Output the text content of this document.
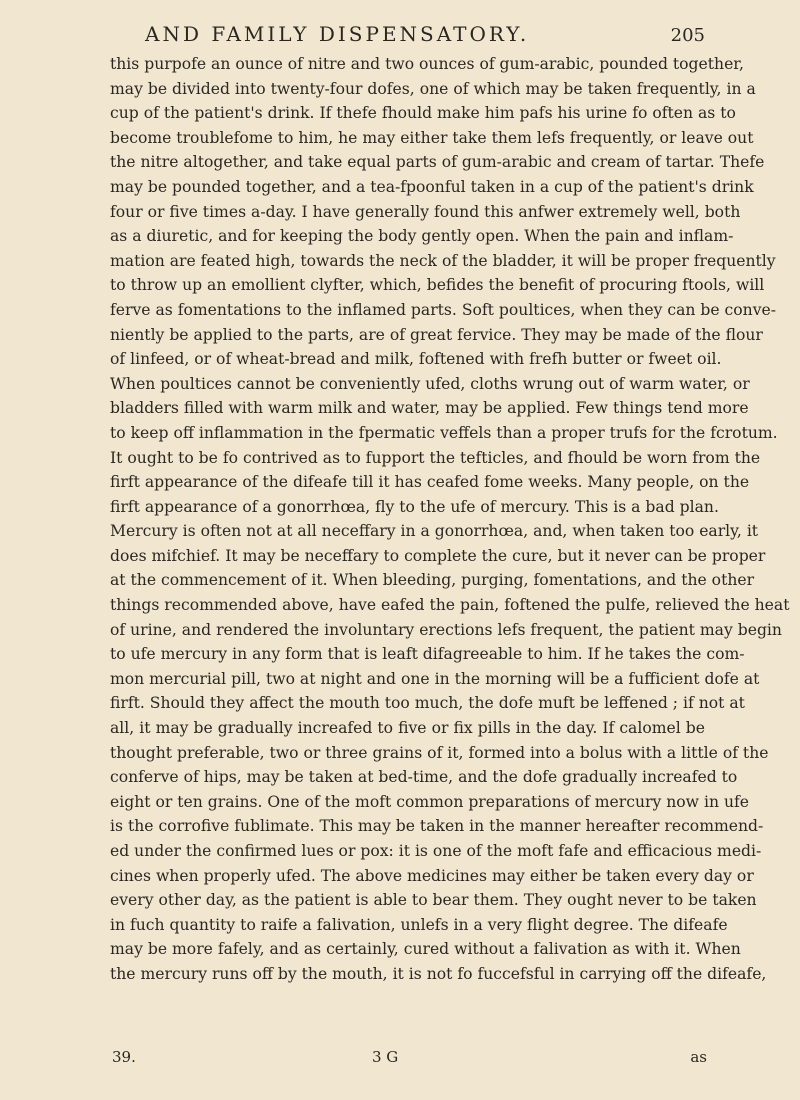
AND FAMILY DISPENSATORY.	205
this purpofe an ounce of nitre and two ounces of gum-arabic, pounded together,
may be divided into twenty-four dofes, one of which may be taken frequently, in a
cup of the patient's drink. If thefe fhould make him pafs his urine fo often as to
become troublefome to him, he may either take them lefs frequently, or leave out
the nitre altogether, and take equal parts of gum-arabic and cream of tartar. Thefe
may be pounded together, and a tea-fpoonful taken in a cup of the patient's drink
four or five times a-day. I have generally found this anfwer extremely well, both
as a diuretic, and for keeping the body gently open. When the pain and inflam-
mation are feated high, towards the neck of the bladder, it will be proper frequently
to throw up an emollient clyfter, which, befides the benefit of procuring ftools, will
ferve as fomentations to the inflamed parts. Soft poultices, when they can be conve-
niently be applied to the parts, are of great fervice. They may be made of the flour
of linfeed, or of wheat-bread and milk, foftened with frefh butter or fweet oil.
When poultices cannot be conveniently ufed, cloths wrung out of warm water, or
bladders filled with warm milk and water, may be applied. Few things tend more
to keep off inflammation in the fpermatic veffels than a proper trufs for the fcrotum.
It ought to be fo contrived as to fupport the tefticles, and fhould be worn from the
firft appearance of the difeafe till it has ceafed fome weeks. Many people, on the
firft appearance of a gonorrhœa, fly to the ufe of mercury. This is a bad plan.
Mercury is often not at all neceffary in a gonorrhœa, and, when taken too early, it
does mifchief. It may be neceffary to complete the cure, but it never can be proper
at the commencement of it. When bleeding, purging, fomentations, and the other
things recommended above, have eafed the pain, foftened the pulfe, relieved the heat
of urine, and rendered the involuntary erections lefs frequent, the patient may begin
to ufe mercury in any form that is leaft difagreeable to him. If he takes the com-
mon mercurial pill, two at night and one in the morning will be a fufficient dofe at
firft. Should they affect the mouth too much, the dofe muft be leffened ; if not at
all, it may be gradually increafed to five or fix pills in the day. If calomel be
thought preferable, two or three grains of it, formed into a bolus with a little of the
conferve of hips, may be taken at bed-time, and the dofe gradually increafed to
eight or ten grains. One of the moft common preparations of mercury now in ufe
is the corrofive fublimate. This may be taken in the manner hereafter recommend-
ed under the confirmed lues or pox: it is one of the moft fafe and efficacious medi-
cines when properly ufed. The above medicines may either be taken every day or
every other day, as the patient is able to bear them. They ought never to be taken
in fuch quantity to raife a falivation, unlefs in a very flight degree. The difeafe
may be more fafely, and as certainly, cured without a falivation as with it. When
the mercury runs off by the mouth, it is not fo fuccefsful in carrying off the difeafe,
39.	3 G	as
